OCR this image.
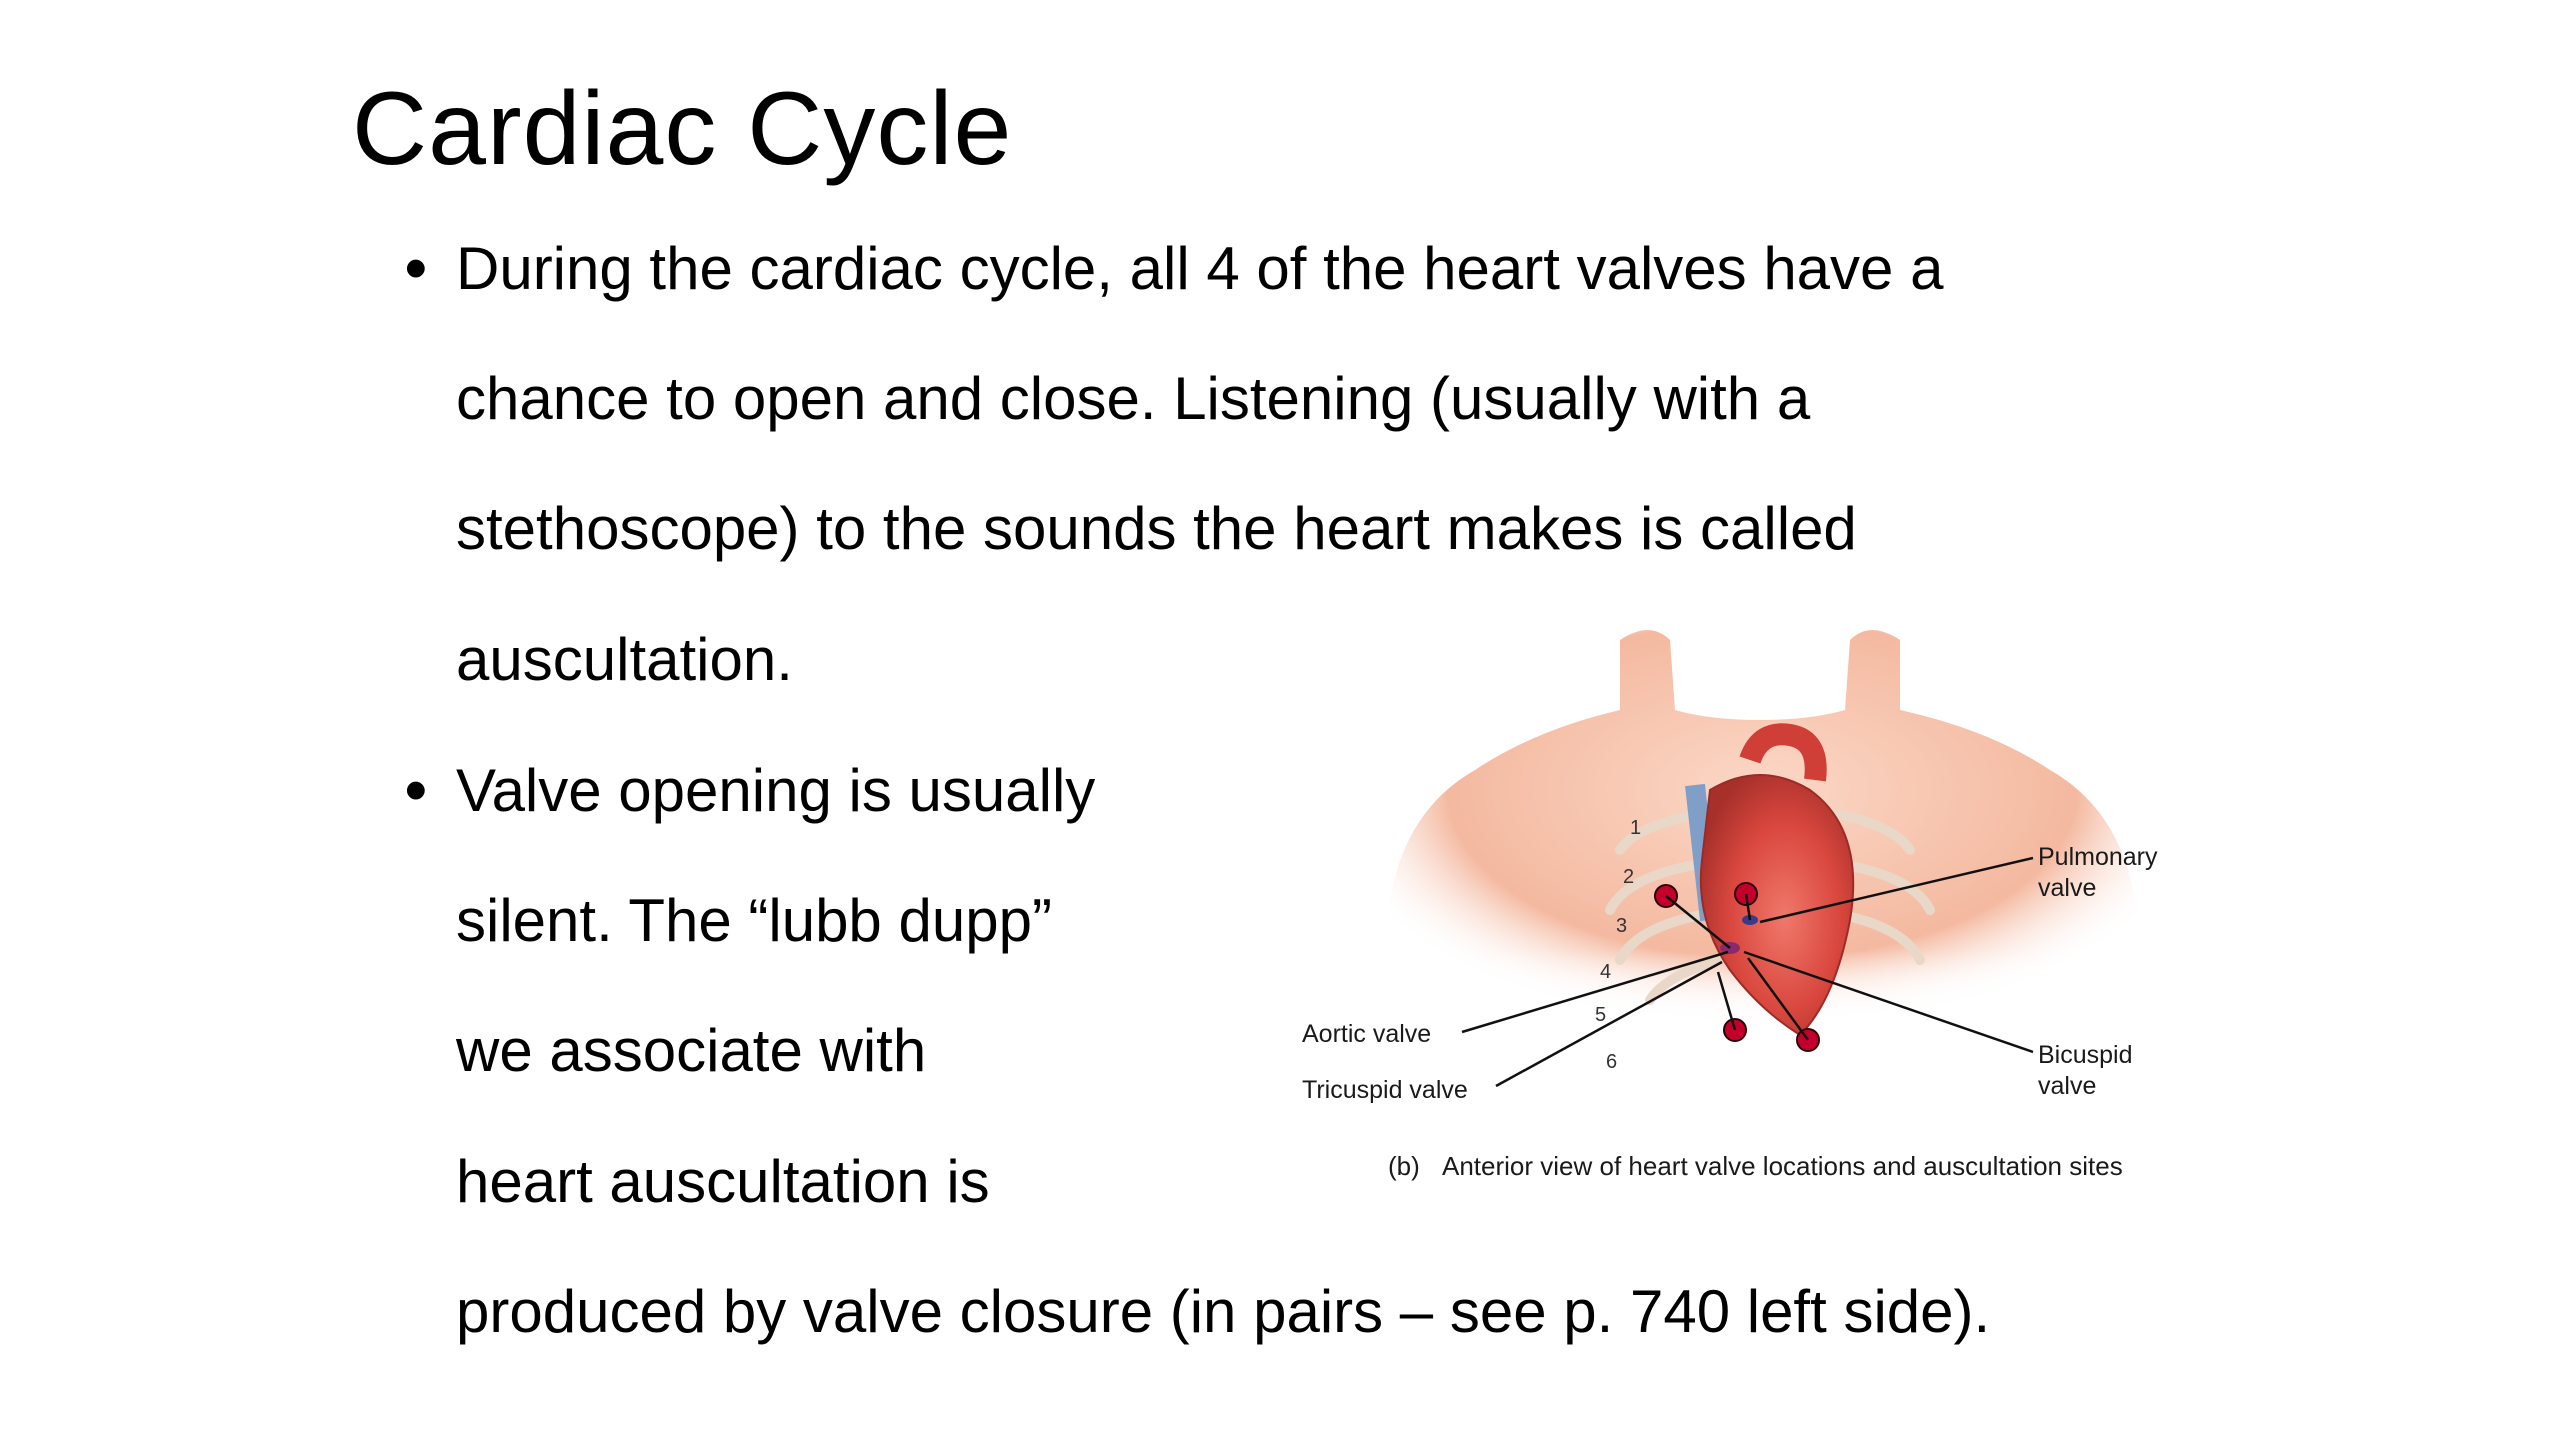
Cardiac Cycle
• During the cardiac cycle, all 4 of the heart valves have a
chance to open and close. Listening (usually with a
stethoscope) to the sounds the heart makes is called
auscultation.
• Valve opening is usually
silent. The “lubb dupp”
we associate with
heart auscultation is
produced by valve closure (in pairs – see p. 740 left side).
1
2
3
4
5
6
Pulmonary
valve
Aortic valve
Tricuspid valve
Bicuspid
valve
(b) Anterior view of heart valve locations and auscultation sites
